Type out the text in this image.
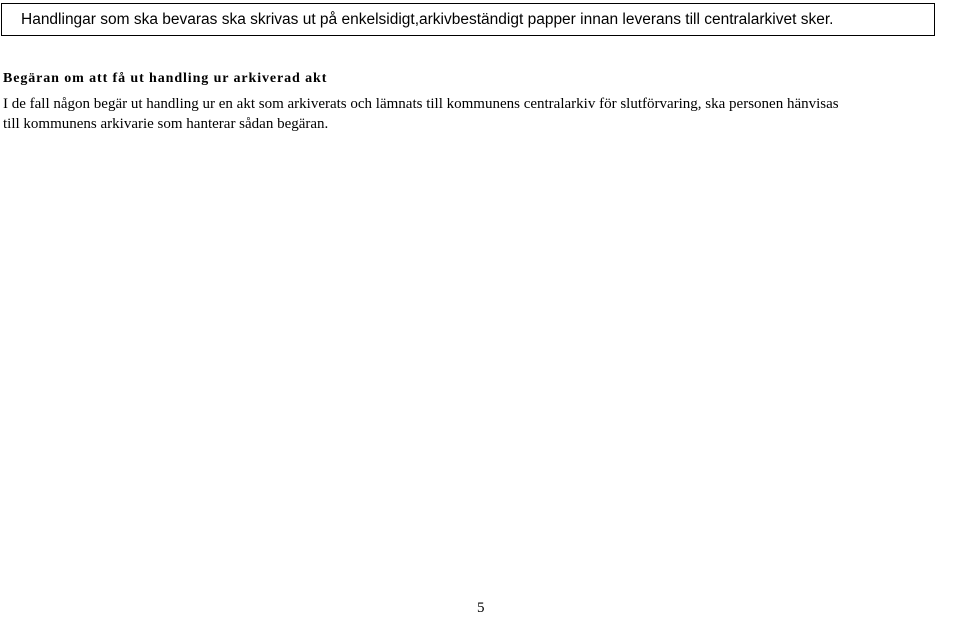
Handlingar som ska bevaras ska skrivas ut på enkelsidigt,arkivbeständigt papper innan leverans till centralarkivet sker.
Begäran om att få ut handling ur arkiverad akt

I de fall någon begär ut handling ur en akt som arkiverats och lämnats till kommunens centralarkiv för slutförvaring, ska personen hänvisas
till kommunens arkivarie som hanterar sådan begäran.

5
